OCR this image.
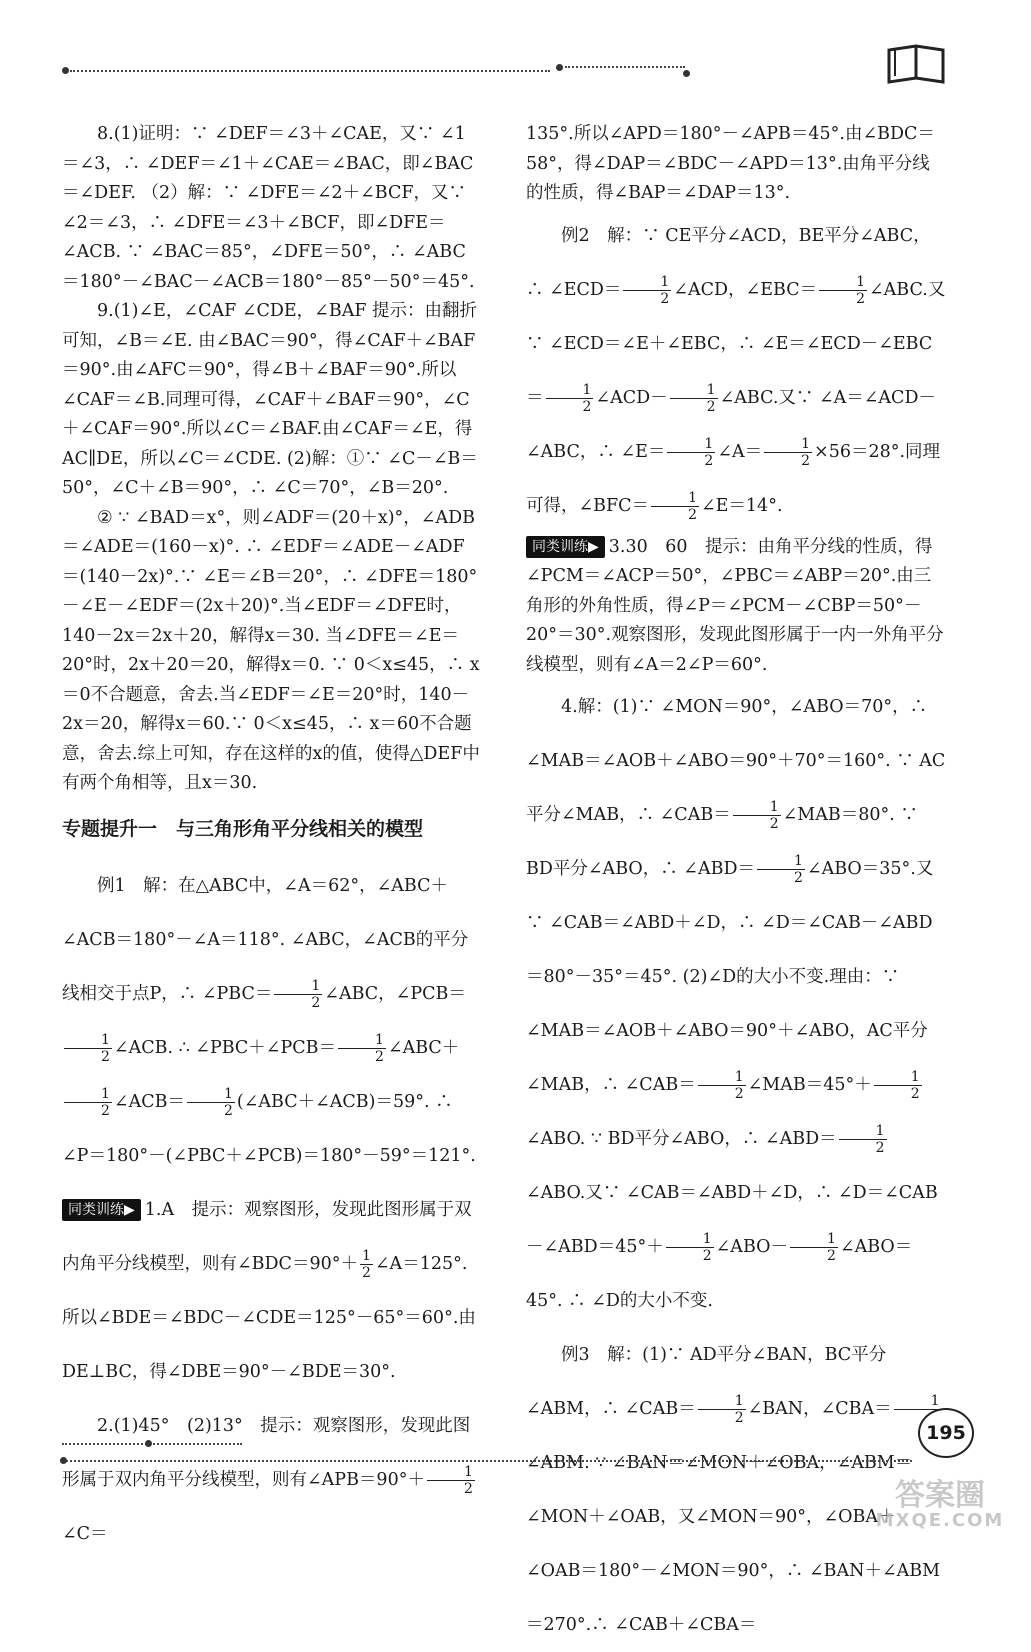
8.(1)证明：∵ ∠DEF＝∠3＋∠CAE，又∵ ∠1＝∠3，∴ ∠DEF＝∠1＋∠CAE＝∠BAC，即∠BAC＝∠DEF. （2）解：∵ ∠DFE＝∠2＋∠BCF，又∵ ∠2＝∠3，∴ ∠DFE＝∠3＋∠BCF，即∠DFE＝∠ACB. ∵ ∠BAC＝85°，∠DFE＝50°，∴ ∠ABC＝180°－∠BAC－∠ACB＝180°－85°－50°＝45°.

9.(1)∠E，∠CAF ∠CDE，∠BAF 提示：由翻折可知，∠B＝∠E. 由∠BAC＝90°，得∠CAF＋∠BAF＝90°.由∠AFC＝90°，得∠B＋∠BAF＝90°.所以∠CAF＝∠B.同理可得，∠CAF＋∠BAF＝90°，∠C＋∠CAF＝90°.所以∠C＝∠BAF.由∠CAF＝∠E，得AC∥DE，所以∠C＝∠CDE. (2)解：①∵ ∠C－∠B＝50°，∠C＋∠B＝90°，∴ ∠C＝70°，∠B＝20°.

② ∵ ∠BAD＝x°，则∠ADF＝(20＋x)°，∠ADB＝∠ADE＝(160－x)°. ∴ ∠EDF＝∠ADE－∠ADF＝(140－2x)°.∵ ∠E＝∠B＝20°，∴ ∠DFE＝180°－∠E－∠EDF＝(2x＋20)°.当∠EDF＝∠DFE时，140－2x＝2x＋20，解得x＝30. 当∠DFE＝∠E＝20°时，2x＋20＝20，解得x＝0. ∵ 0＜x≤45，∴ x＝0不合题意，舍去.当∠EDF＝∠E＝20°时，140－2x＝20，解得x＝60.∵ 0＜x≤45，∴ x＝60不合题意，舍去.综上可知，存在这样的x的值，使得△DEF中有两个角相等，且x＝30.

专题提升一　与三角形角平分线相关的模型

例1　解：在△ABC中，∠A＝62°，∠ABC＋∠ACB＝180°－∠A＝118°. ∠ABC，∠ACB的平分线相交于点P，∴ ∠PBC＝ $\frac{1}{2}$ ∠ABC，∠PCB＝
$\frac{1}{2}$ ∠ACB. ∴ ∠PBC＋∠PCB＝ $\frac{1}{2}$ ∠ABC＋
$\frac{1}{2}$ ∠ACB＝ $\frac{1}{2}$ (∠ABC＋∠ACB)＝59°. ∴ ∠P＝180°－(∠PBC＋∠PCB)＝180°－59°＝121°.

同类训练▶ 1.A　提示：观察图形，发现此图形属于双内角平分线模型，则有∠BDC＝90°＋ $\frac{1}{2}$ ∠A＝125°.所以∠BDE＝∠BDC－∠CDE＝125°－65°＝60°.由DE⊥BC，得∠DBE＝90°－∠BDE＝30°.

2.(1)45°　(2)13°　提示：观察图形，发现此图形属于双内角平分线模型，则有∠APB＝90°＋ $\frac{1}{2}$
∠C＝

135°.所以∠APD＝180°－∠APB＝45°.由∠BDC＝58°，得∠DAP＝∠BDC－∠APD＝13°.由角平分线的性质，得∠BAP＝∠DAP＝13°.

例2　解：∵ CE平分∠ACD，BE平分∠ABC，∴ ∠ECD＝ $\frac{1}{2}$ ∠ACD，∠EBC＝ $\frac{1}{2}$ ∠ABC.又∵ ∠ECD＝∠E＋∠EBC，∴ ∠E＝∠ECD－∠EBC＝ $\frac{1}{2}$ ∠ACD－ $\frac{1}{2}$ ∠ABC.又∵ ∠A＝∠ACD－∠ABC，∴ ∠E＝ $\frac{1}{2}$ ∠A＝ $\frac{1}{2} \times 56=28^\circ$.同理可得，∠BFC＝ $\frac{1}{2}$ ∠E＝14°.

同类训练▶ 3.30　60　提示：由角平分线的性质，得∠PCM＝∠ACP＝50°，∠PBC＝∠ABP＝20°.由三角形的外角性质，得∠P＝∠PCM－∠CBP＝50°－20°＝30°.观察图形，发现此图形属于一内一外角平分线模型，则有∠A＝2∠P＝60°.

4.解：(1)∵ ∠MON＝90°，∠ABO＝70°，∴ ∠MAB＝∠AOB＋∠ABO＝90°＋70°＝160°. ∵ AC平分∠MAB，∴ ∠CAB＝ $\frac{1}{2}$ ∠MAB＝80°. ∵ BD平分∠ABO，∴ ∠ABD＝ $\frac{1}{2}$ ∠ABO＝35°.又∵ ∠CAB＝∠ABD＋∠D，∴ ∠D＝∠CAB－∠ABD＝80°－35°＝45°. (2)∠D的大小不变.理由：∵ ∠MAB＝∠AOB＋∠ABO＝90°＋∠ABO，AC平分∠MAB，∴ ∠CAB＝ $\frac{1}{2}$ ∠MAB＝45°＋ $\frac{1}{2}$
∠ABO. ∵ BD平分∠ABO，∴ ∠ABD＝ $\frac{1}{2}$
∠ABO.又∵ ∠CAB＝∠ABD＋∠D，∴ ∠D＝∠CAB－∠ABD＝45°＋ $\frac{1}{2}$ ∠ABO－ $\frac{1}{2}$ ∠ABO＝45°. ∴ ∠D的大小不变.

例3　解：(1)∵ AD平分∠BAN，BC平分∠ABM，∴ ∠CAB＝ $\frac{1}{2}$ ∠BAN，∠CBA＝	1
∠ABM. ∵ ∠BAN＝∠MON＋∠OBA，∠ABM＝∠MON＋∠OAB，又∠MON＝90°，∠OBA＋∠OAB＝180°－∠MON＝90°，∴ ∠BAN＋∠ABM＝270°.∴ ∠CAB＋∠CBA＝

195
答案圈
MXQE.COM
